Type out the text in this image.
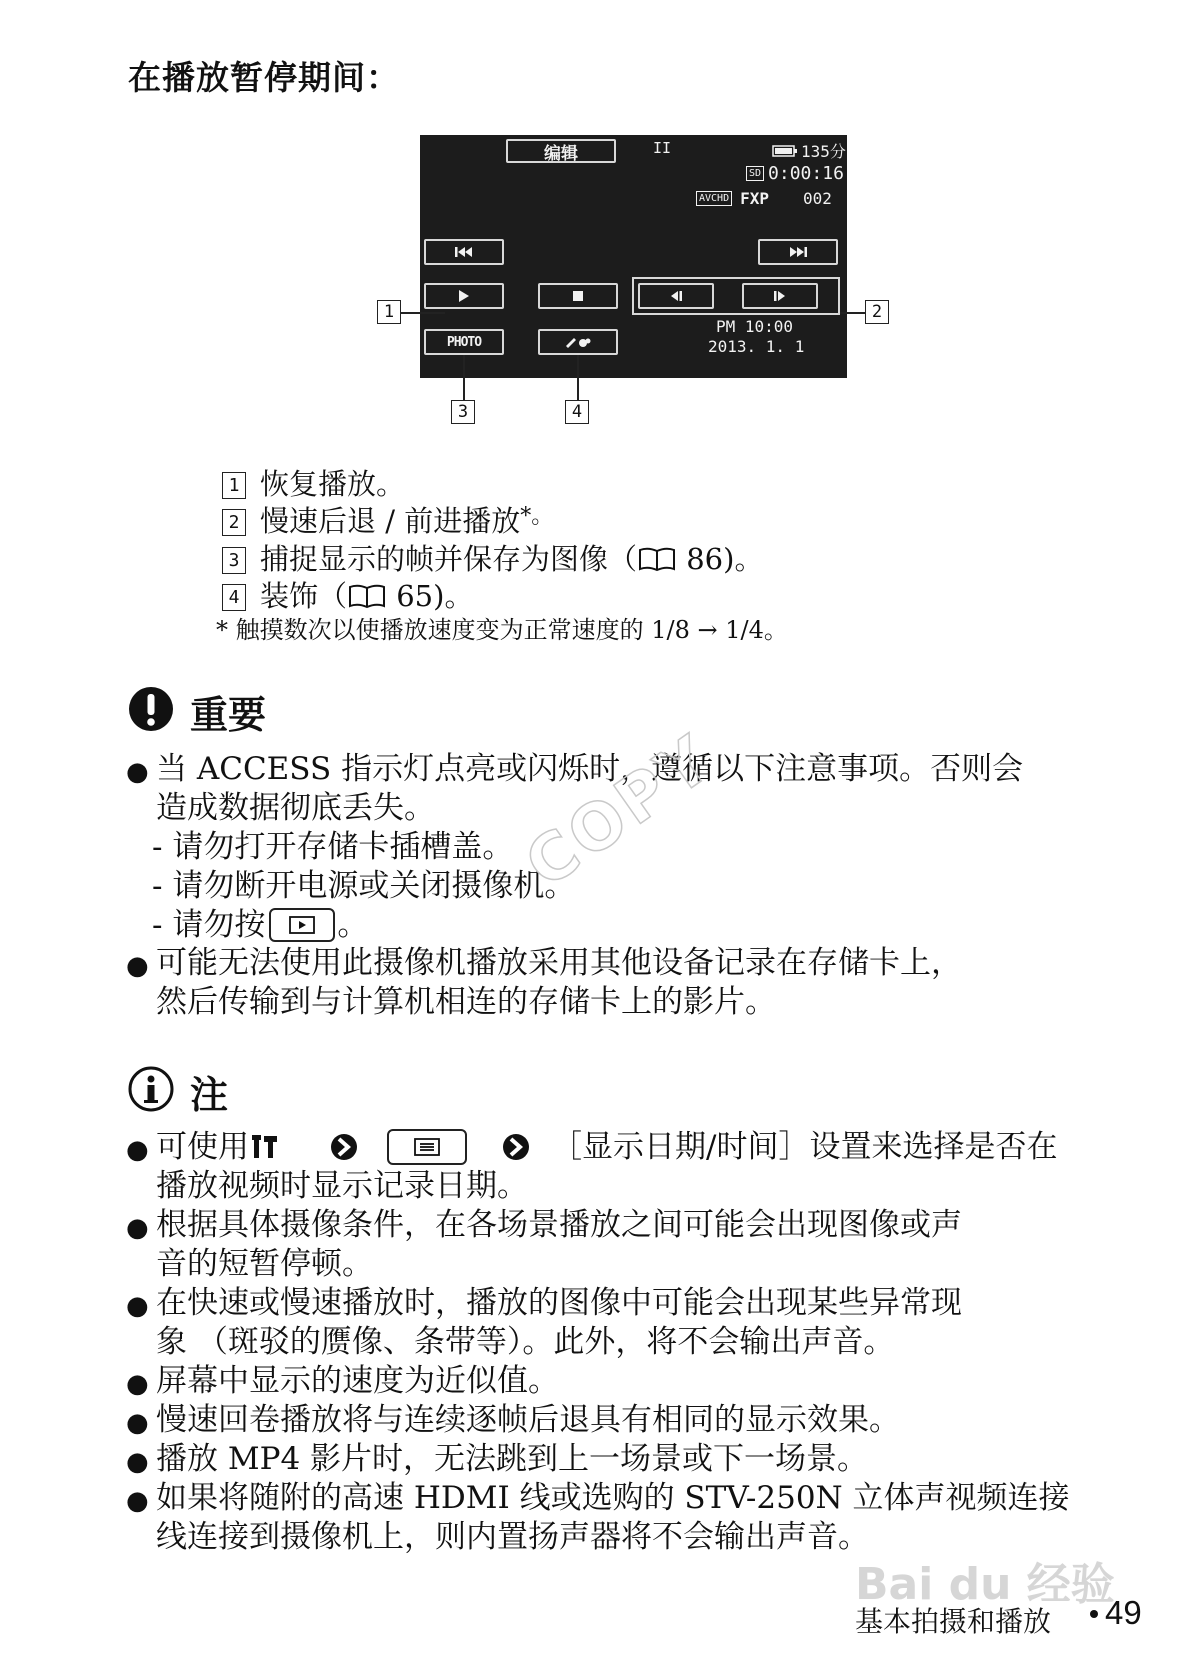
在播放暂停期间：
编辑	II	135分
SD 0:00:16
AVCHD FXP 002
PHOTO
PM 10:00
2013. 1. 1
1	2
3	4
1 恢复播放。
2 慢速后退 / 前进播放*。
3 捕捉显示的帧并保存为图像（ 86)。
4 装饰（ 65)。
* 触摸数次以使播放速度变为正常速度的 1/8 → 1/4。
重要
● 当 ACCESS 指示灯点亮或闪烁时，遵循以下注意事项。否则会
造成数据彻底丢失。
- 请勿打开存储卡插槽盖。
- 请勿断开电源或关闭摄像机。
- 请勿按 。
● 可能无法使用此摄像机播放采用其他设备记录在存储卡上，
然后传输到与计算机相连的存储卡上的影片。
注
● 可使用	［显示日期/时间］设置来选择是否在
播放视频时显示记录日期。
● 根据具体摄像条件，在各场景播放之间可能会出现图像或声
音的短暂停顿。
● 在快速或慢速播放时，播放的图像中可能会出现某些异常现
象 （斑驳的赝像、条带等）。此外，将不会输出声音。
● 屏幕中显示的速度为近似值。
● 慢速回卷播放将与连续逐帧后退具有相同的显示效果。
● 播放 MP4 影片时，无法跳到上一场景或下一场景。
● 如果将随附的高速 HDMI 线或选购的 STV-250N 立体声视频连接
线连接到摄像机上，则内置扬声器将不会输出声音。
COPY
Bai du 经验
基本拍摄和播放 49
